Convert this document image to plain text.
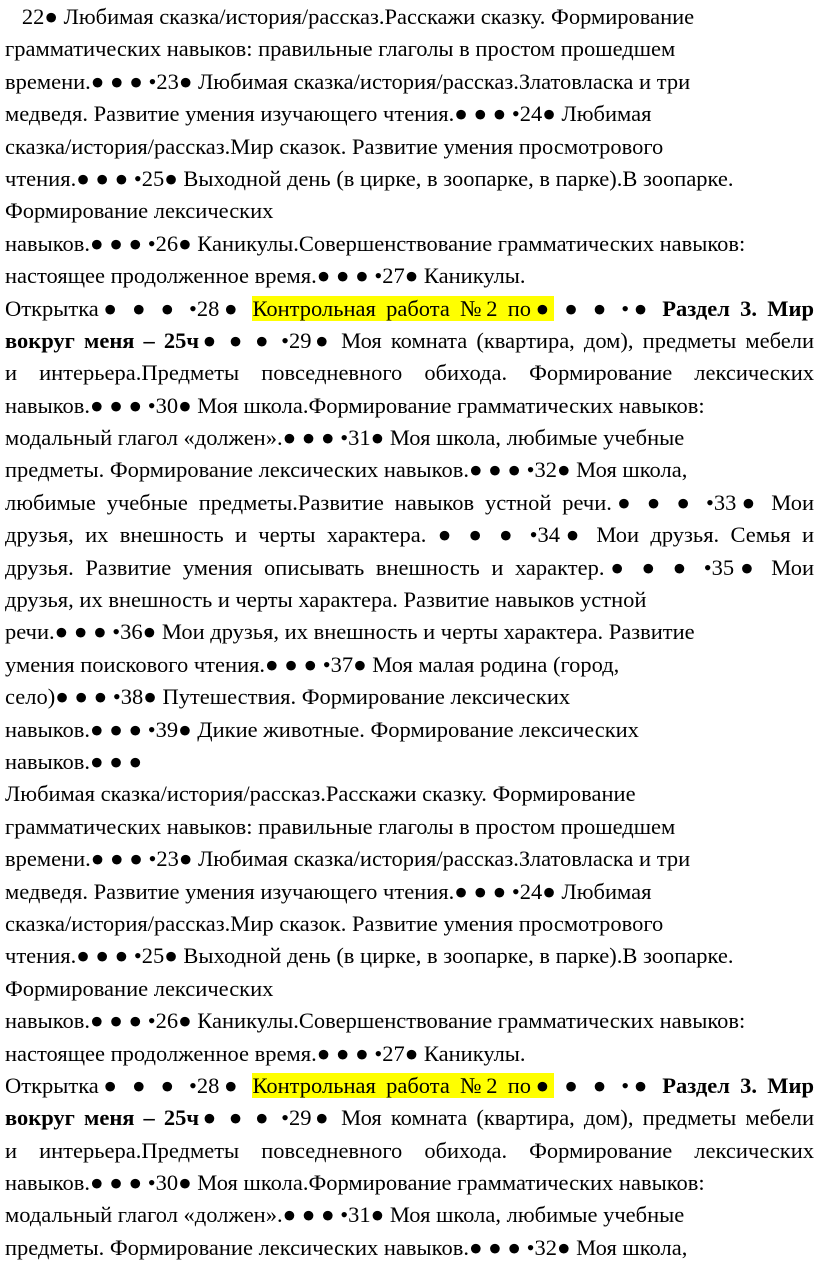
22● Любимая сказка/история/рассказ.Расскажи сказку. Формирование
грамматических навыков: правильные глаголы в простом прошедшем
времени.● ● ● •23● Любимая сказка/история/рассказ.Златовласка и три
медведя. Развитие умения изучающего чтения.● ● ● •24● Любимая
сказка/история/рассказ.Мир сказок. Развитие умения просмотрового
чтения.● ● ● •25● Выходной день (в цирке, в зоопарке, в парке).В зоопарке.
Формирование лексических
навыков.● ● ● •26● Каникулы.Совершенствование грамматических навыков:
настоящее продолженное время.● ● ● •27● Каникулы.
Открытка● ● ● •28● Контрольная работа №2 по● ● ● •● Раздел 3. Мир
вокруг меня – 25ч● ● ● •29● Моя комната (квартира, дом), предметы мебели
и интерьера.Предметы повседневного обихода. Формирование лексических
навыков.● ● ● •30● Моя школа.Формирование грамматических навыков:
модальный глагол «должен».● ● ● •31● Моя школа, любимые учебные
предметы. Формирование лексических навыков.● ● ● •32● Моя школа,
любимые учебные предметы.Развитие навыков устной речи.● ● ● •33● Мои
друзья, их внешность и черты характера. ● ● ● •34● Мои друзья. Семья и
друзья. Развитие умения описывать внешность и характер.● ● ● •35● Мои
друзья, их внешность и черты характера. Развитие навыков устной
речи.● ● ● •36● Мои друзья, их внешность и черты характера. Развитие
умения поискового чтения.● ● ● •37● Моя малая родина (город,
село)● ● ● •38● Путешествия. Формирование лексических
навыков.● ● ● •39● Дикие животные. Формирование лексических
навыков.● ● ●
Любимая сказка/история/рассказ.Расскажи сказку. Формирование
грамматических навыков: правильные глаголы в простом прошедшем
времени.● ● ● •23● Любимая сказка/история/рассказ.Златовласка и три
медведя. Развитие умения изучающего чтения.● ● ● •24● Любимая
сказка/история/рассказ.Мир сказок. Развитие умения просмотрового
чтения.● ● ● •25● Выходной день (в цирке, в зоопарке, в парке).В зоопарке.
Формирование лексических
навыков.● ● ● •26● Каникулы.Совершенствование грамматических навыков:
настоящее продолженное время.● ● ● •27● Каникулы.
Открытка● ● ● •28● Контрольная работа №2 по● ● ● •● Раздел 3. Мир
вокруг меня – 25ч● ● ● •29● Моя комната (квартира, дом), предметы мебели
и интерьера.Предметы повседневного обихода. Формирование лексических
навыков.● ● ● •30● Моя школа.Формирование грамматических навыков:
модальный глагол «должен».● ● ● •31● Моя школа, любимые учебные
предметы. Формирование лексических навыков.● ● ● •32● Моя школа,
